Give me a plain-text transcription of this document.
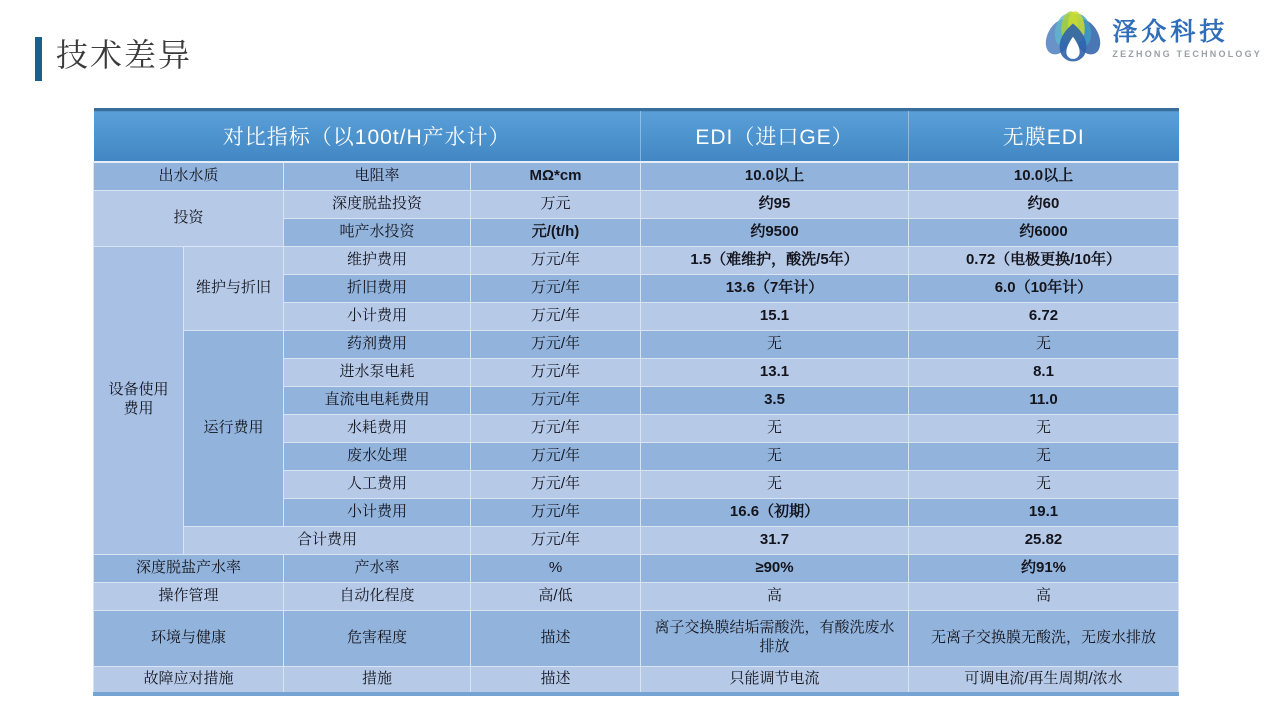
技术差异
泽众科技
ZEZHONG TECHNOLOGY
对比指标（以100t/H产水计）				EDI（进口GE）	无膜EDI
出水水质		电阻率	MΩ*cm	10.0以上	10.0以上
投资		深度脱盐投资	万元	约95	约60
		吨产水投资	元/(t/h)	约9500	约6000
设备使用费用	维护与折旧	维护费用	万元/年	1.5（难维护，酸洗/5年）	0.72（电极更换/10年）
		折旧费用	万元/年	13.6（7年计）	6.0（10年计）
		小计费用	万元/年	15.1	6.72
	运行费用	药剂费用	万元/年	无	无
		进水泵电耗	万元/年	13.1	8.1
		直流电电耗费用	万元/年	3.5	11.0
		水耗费用	万元/年	无	无
		废水处理	万元/年	无	无
		人工费用	万元/年	无	无
		小计费用	万元/年	16.6（初期）	19.1
	合计费用		万元/年	31.7	25.82
深度脱盐产水率		产水率	%	≥90%	约91%
操作管理		自动化程度	高/低	高	高
环境与健康		危害程度	描述	离子交换膜结垢需酸洗，有酸洗废水排放	无离子交换膜无酸洗，无废水排放
故障应对措施		措施	描述	只能调节电流	可调电流/再生周期/浓水
